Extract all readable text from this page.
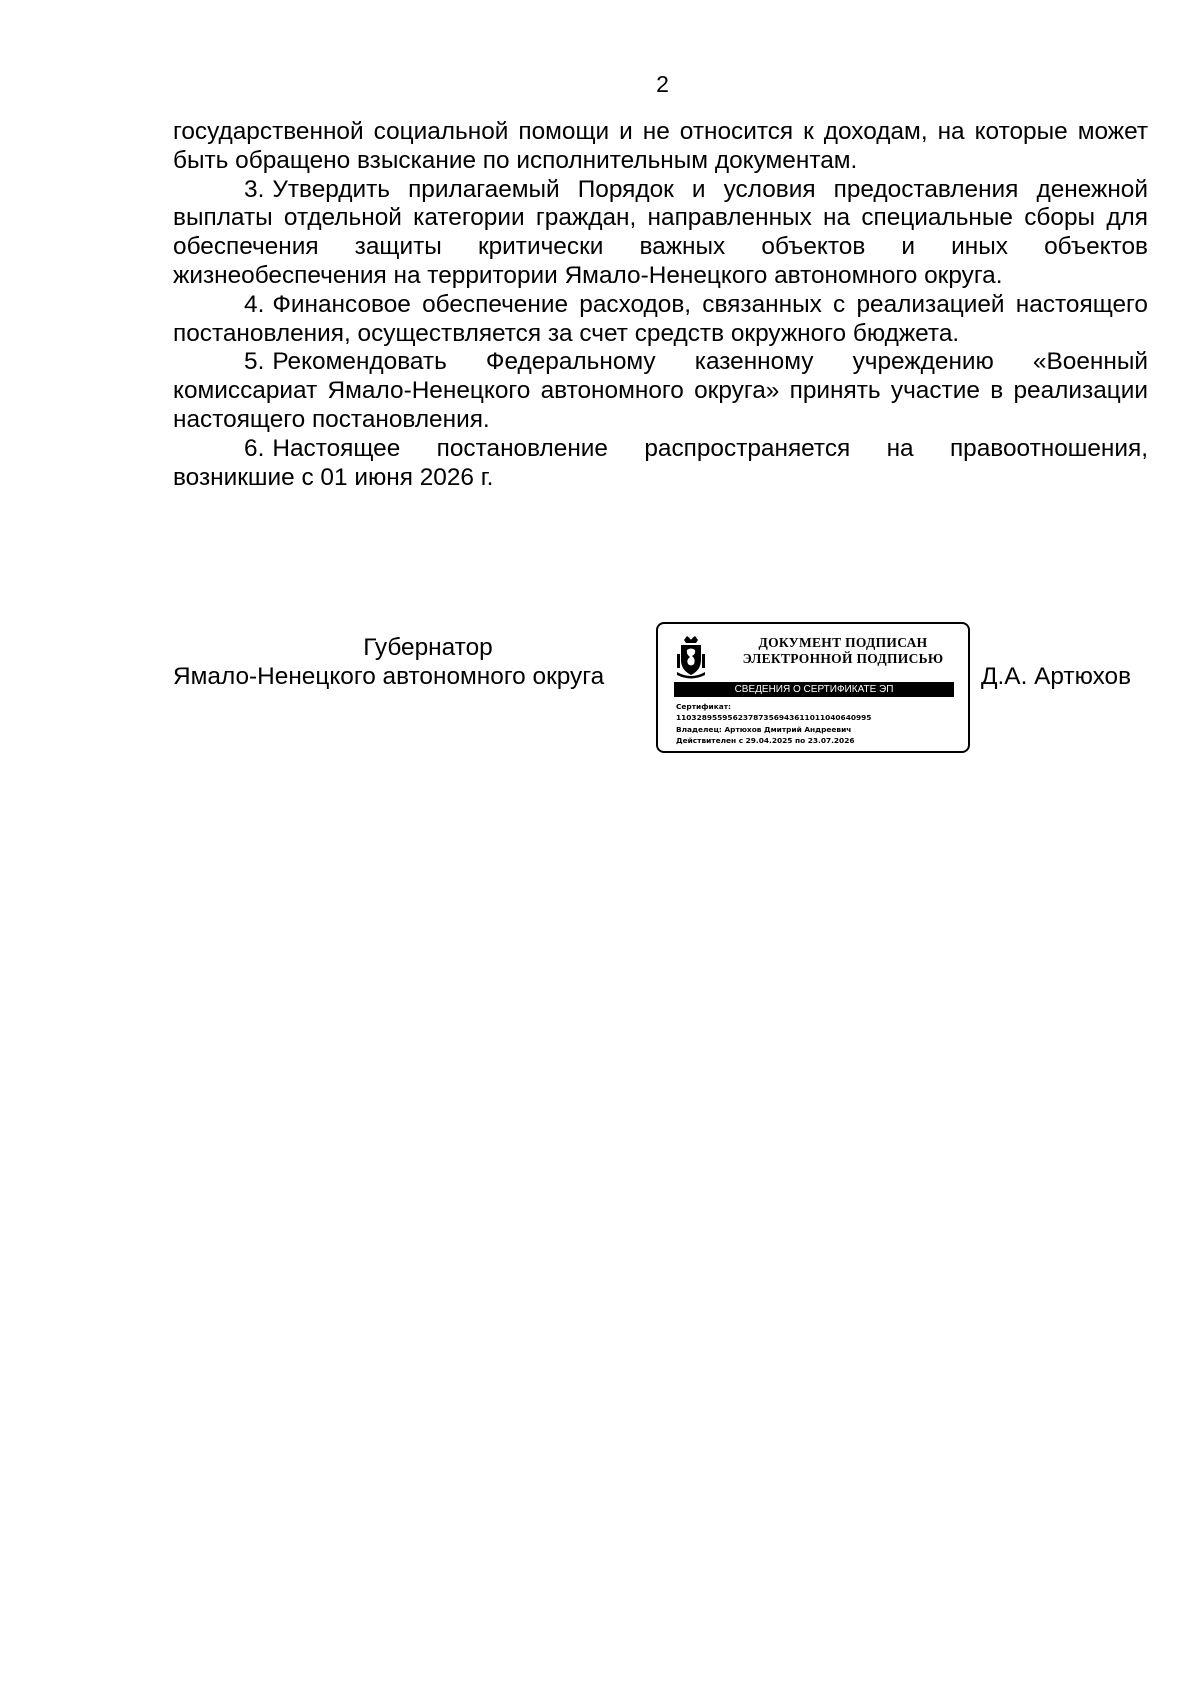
2

государственной социальной помощи и не относится к доходам, на которые может быть обращено взыскание по исполнительным документам.

3. Утвердить прилагаемый Порядок и условия предоставления денежной выплаты отдельной категории граждан, направленных на специальные сборы для обеспечения защиты критически важных объектов и иных объектов жизнеобеспечения на территории Ямало-Ненецкого автономного округа.

4. Финансовое обеспечение расходов, связанных с реализацией настоящего постановления, осуществляется за счет средств окружного бюджета.

5. Рекомендовать Федеральному казенному учреждению «Военный комиссариат Ямало-Ненецкого автономного округа» принять участие в реализации настоящего постановления.

6. Настоящее постановление распространяется на правоотношения, возникшие с 01 июня 2026 г.

Губернатор
Ямало-Ненецкого автономного округа
ДОКУМЕНТ ПОДПИСАН
ЭЛЕКТРОННОЙ ПОДПИСЬЮ
СВЕДЕНИЯ О СЕРТИФИКАТЕ ЭП
Сертификат:
11032895595623787356943611011040640995
Владелец: Артюхов Дмитрий Андреевич
Действителен с 29.04.2025 по 23.07.2026
Д.А. Артюхов
